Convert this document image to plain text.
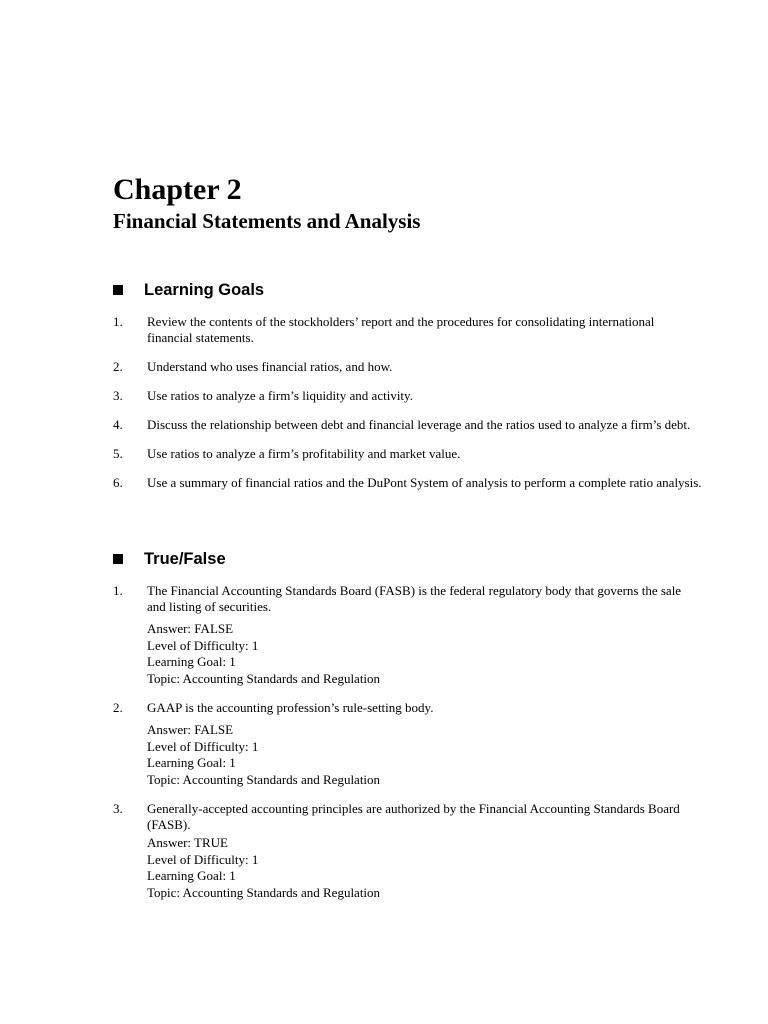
Chapter 2
Financial Statements and Analysis
Learning Goals
1.	Review the contents of the stockholders’ report and the procedures for consolidating international financial statements.
2.	Understand who uses financial ratios, and how.
3.	Use ratios to analyze a firm’s liquidity and activity.
4.	Discuss the relationship between debt and financial leverage and the ratios used to analyze a firm’s debt.
5.	Use ratios to analyze a firm’s profitability and market value.
6.	Use a summary of financial ratios and the DuPont System of analysis to perform a complete ratio analysis.
True/False
1.	The Financial Accounting Standards Board (FASB) is the federal regulatory body that governs the sale and listing of securities.
Answer: FALSE
Level of Difficulty: 1
Learning Goal: 1
Topic: Accounting Standards and Regulation
2.	GAAP is the accounting profession’s rule-setting body.
Answer: FALSE
Level of Difficulty: 1
Learning Goal: 1
Topic: Accounting Standards and Regulation
3.	Generally-accepted accounting principles are authorized by the Financial Accounting Standards Board (FASB).
Answer: TRUE
Level of Difficulty: 1
Learning Goal: 1
Topic: Accounting Standards and Regulation
